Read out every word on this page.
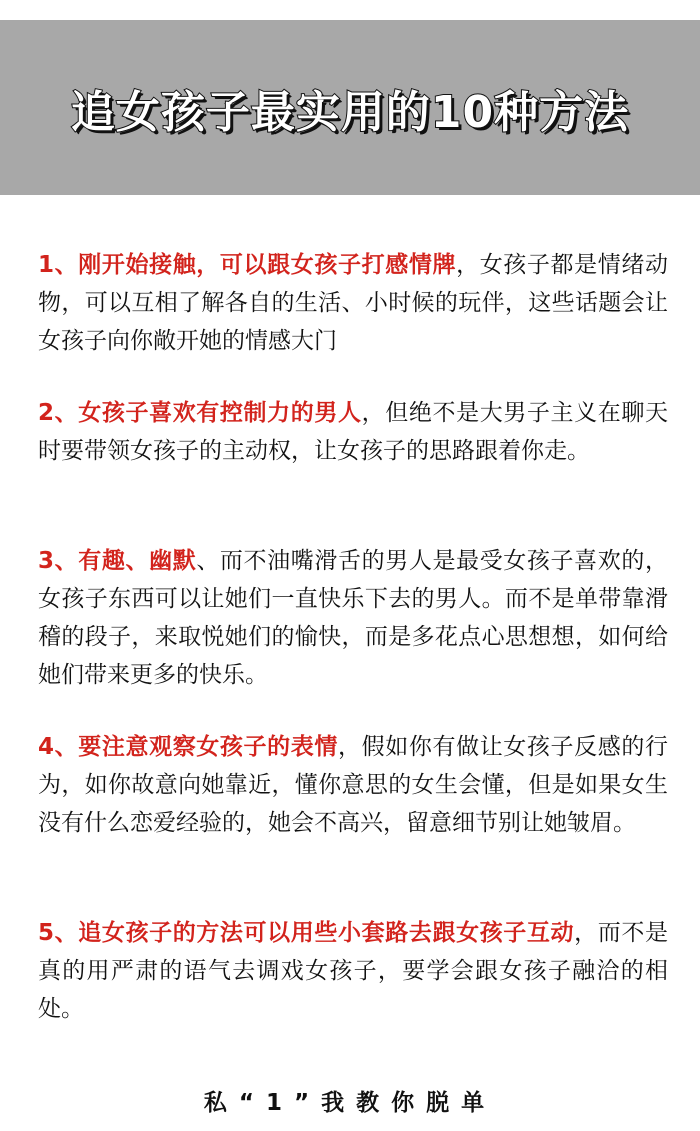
追女孩子最实用的10种方法
1、刚开始接触，可以跟女孩子打感情牌，女孩子都是情绪动物，可以互相了解各自的生活、小时候的玩伴，这些话题会让女孩子向你敞开她的情感大门
2、女孩子喜欢有控制力的男人，但绝不是大男子主义在聊天时要带领女孩子的主动权，让女孩子的思路跟着你走。
3、有趣、幽默、而不油嘴滑舌的男人是最受女孩子喜欢的，女孩子东西可以让她们一直快乐下去的男人。而不是单带靠滑稽的段子，来取悦她们的愉快，而是多花点心思想想，如何给她们带来更多的快乐。
4、要注意观察女孩子的表情，假如你有做让女孩子反感的行为，如你故意向她靠近，懂你意思的女生会懂，但是如果女生没有什么恋爱经验的，她会不高兴，留意细节别让她皱眉。
5、追女孩子的方法可以用些小套路去跟女孩子互动，而不是真的用严肃的语气去调戏女孩子，要学会跟女孩子融洽的相处。
私“1”我教你脱单
